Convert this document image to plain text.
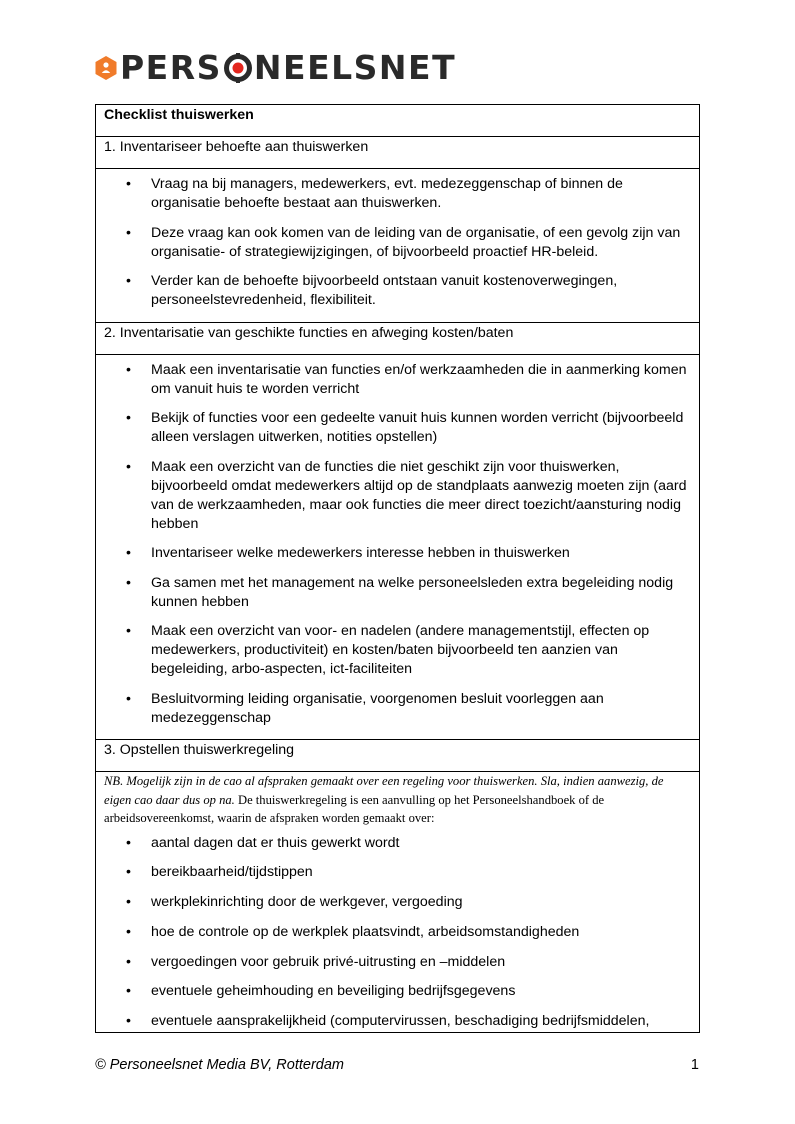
PERS NEELSNET
Checklist thuiswerken
1. Inventariseer behoefte aan thuiswerken

• Vraag na bij managers, medewerkers, evt. medezeggenschap of binnen de organisatie behoefte bestaat aan thuiswerken.
• Deze vraag kan ook komen van de leiding van de organisatie, of een gevolg zijn van organisatie- of strategiewijzigingen, of bijvoorbeeld proactief HR-beleid.
• Verder kan de behoefte bijvoorbeeld ontstaan vanuit kostenoverwegingen, personeelstevredenheid, flexibiliteit.

2. Inventarisatie van geschikte functies en afweging kosten/baten

• Maak een inventarisatie van functies en/of werkzaamheden die in aanmerking komen om vanuit huis te worden verricht
• Bekijk of functies voor een gedeelte vanuit huis kunnen worden verricht (bijvoorbeeld alleen verslagen uitwerken, notities opstellen)
• Maak een overzicht van de functies die niet geschikt zijn voor thuiswerken, bijvoorbeeld omdat medewerkers altijd op de standplaats aanwezig moeten zijn (aard van de werkzaamheden, maar ook functies die meer direct toezicht/aansturing nodig hebben
• Inventariseer welke medewerkers interesse hebben in thuiswerken
• Ga samen met het management na welke personeelsleden extra begeleiding nodig kunnen hebben
• Maak een overzicht van voor- en nadelen (andere managementstijl, effecten op medewerkers, productiviteit) en kosten/baten bijvoorbeeld ten aanzien van begeleiding, arbo-aspecten, ict-faciliteiten
• Besluitvorming leiding organisatie, voorgenomen besluit voorleggen aan medezeggenschap

3. Opstellen thuiswerkregeling

NB. Mogelijk zijn in de cao al afspraken gemaakt over een regeling voor thuiswerken. Sla, indien aanwezig, de eigen cao daar dus op na. De thuiswerkregeling is een aanvulling op het Personeelshandboek of de arbeidsovereenkomst, waarin de afspraken worden gemaakt over:
• aantal dagen dat er thuis gewerkt wordt
• bereikbaarheid/tijdstippen
• werkplekinrichting door de werkgever, vergoeding
• hoe de controle op de werkplek plaatsvindt, arbeidsomstandigheden
• vergoedingen voor gebruik privé-uitrusting en –middelen
• eventuele geheimhouding en beveiliging bedrijfsgegevens
• eventuele aansprakelijkheid (computervirussen, beschadiging bedrijfsmiddelen,
© Personeelsnet Media BV, Rotterdam	1
